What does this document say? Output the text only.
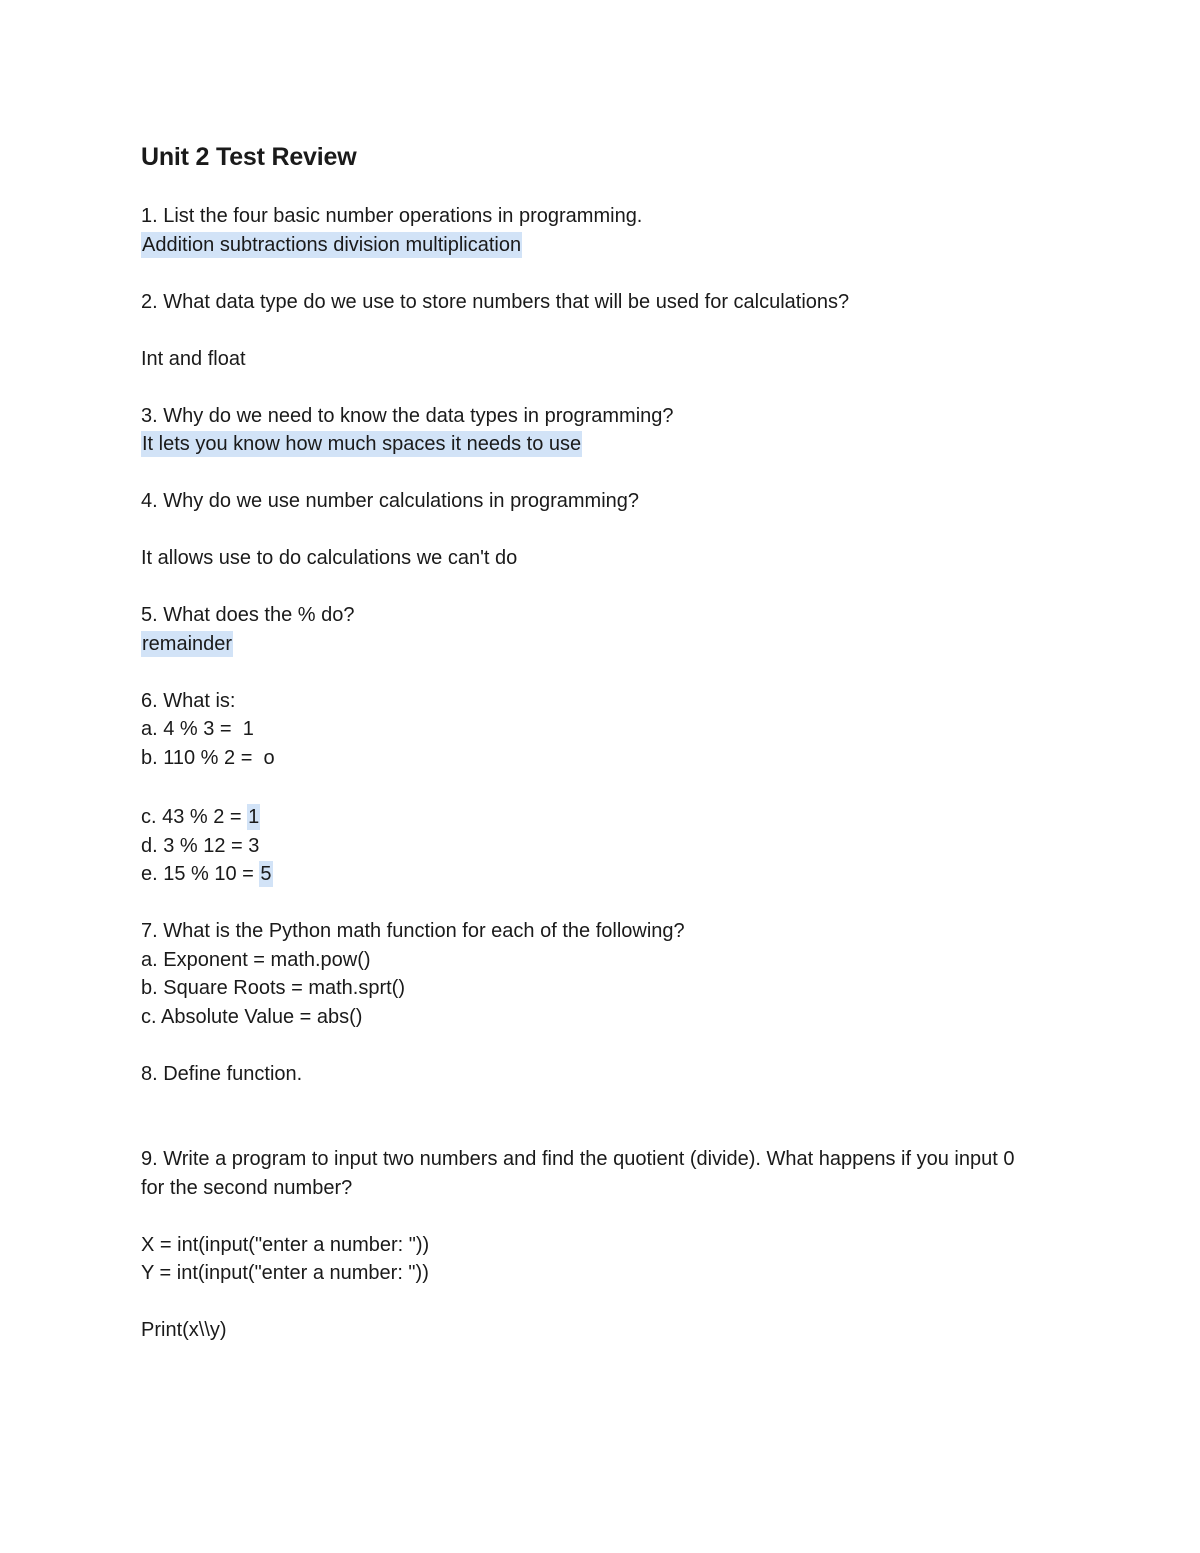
Unit 2 Test Review
1. List the four basic number operations in programming.
Addition subtractions division multiplication
2. What data type do we use to store numbers that will be used for calculations?
Int and float
3. Why do we need to know the data types in programming?
It lets you know how much spaces it needs to use
4. Why do we use number calculations in programming?
It allows use to do calculations we can't do
5. What does the % do?
remainder
6. What is:
a. 4 % 3 =  1
b. 110 % 2 =  o
c. 43 % 2 = 1
d. 3 % 12 = 3
e. 15 % 10 = 5
7. What is the Python math function for each of the following?
a. Exponent = math.pow()
b. Square Roots = math.sprt()
c. Absolute Value = abs()
8. Define function.
9. Write a program to input two numbers and find the quotient (divide). What happens if you input 0 for the second number?
X = int(input("enter a number: "))
Y = int(input("enter a number: "))
Print(x\\y)
